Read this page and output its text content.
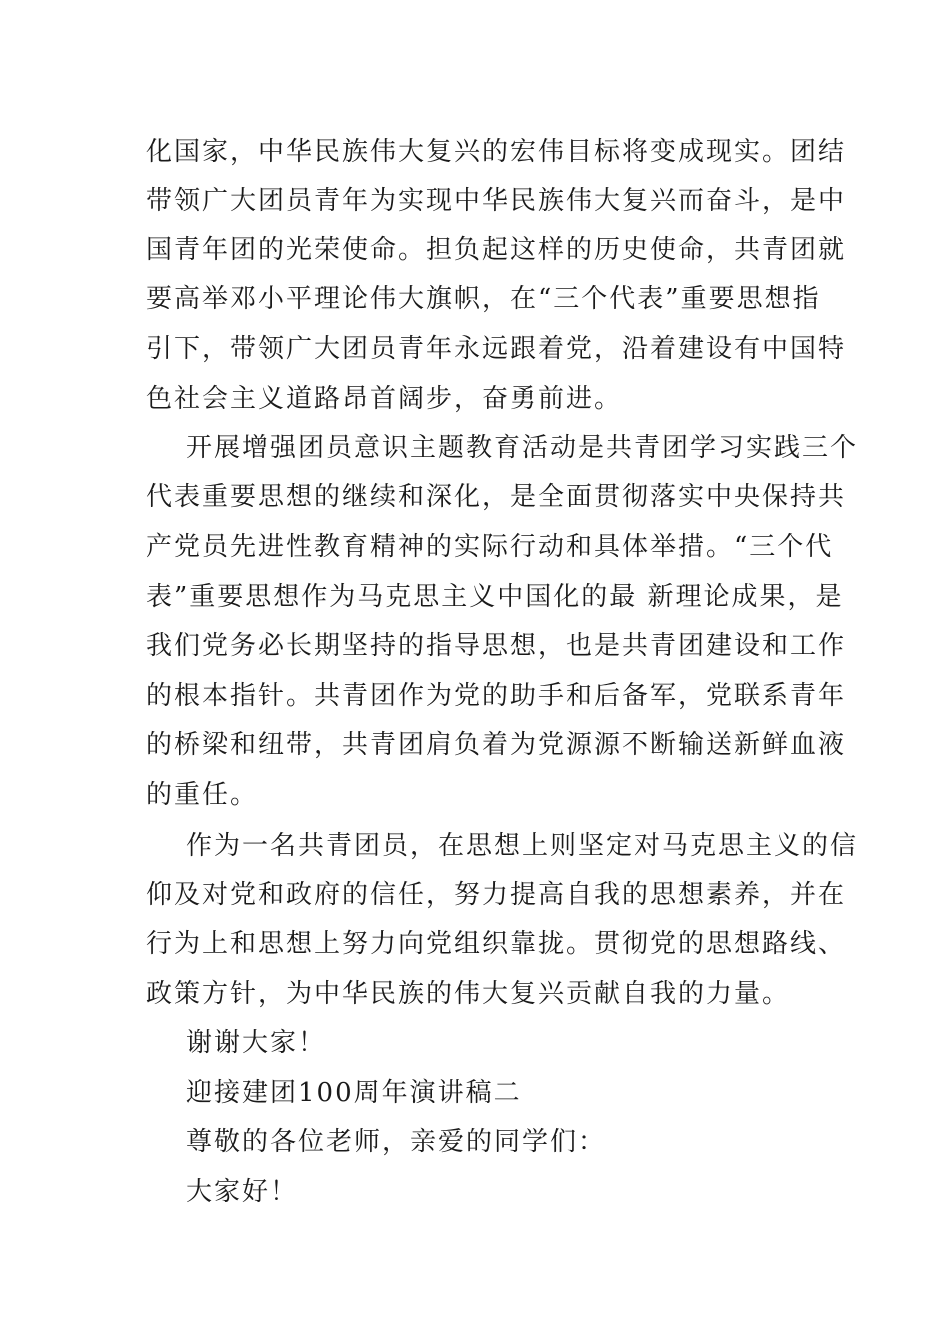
化国家，中华民族伟大复兴的宏伟目标将变成现实。团结
带领广大团员青年为实现中华民族伟大复兴而奋斗，是中
国青年团的光荣使命。担负起这样的历史使命，共青团就
要高举邓小平理论伟大旗帜，在“三个代表”重要思想指
引下，带领广大团员青年永远跟着党，沿着建设有中国特
色社会主义道路昂首阔步，奋勇前进。
开展增强团员意识主题教育活动是共青团学习实践三个
代表重要思想的继续和深化，是全面贯彻落实中央保持共
产党员先进性教育精神的实际行动和具体举措。“三个代
表”重要思想作为马克思主义中国化的最 新理论成果，是
我们党务必长期坚持的指导思想，也是共青团建设和工作
的根本指针。共青团作为党的助手和后备军，党联系青年
的桥梁和纽带，共青团肩负着为党源源不断输送新鲜血液
的重任。
作为一名共青团员，在思想上则坚定对马克思主义的信
仰及对党和政府的信任，努力提高自我的思想素养，并在
行为上和思想上努力向党组织靠拢。贯彻党的思想路线、
政策方针，为中华民族的伟大复兴贡献自我的力量。
谢谢大家！
迎接建团100周年演讲稿二
尊敬的各位老师，亲爱的同学们：
大家好！
